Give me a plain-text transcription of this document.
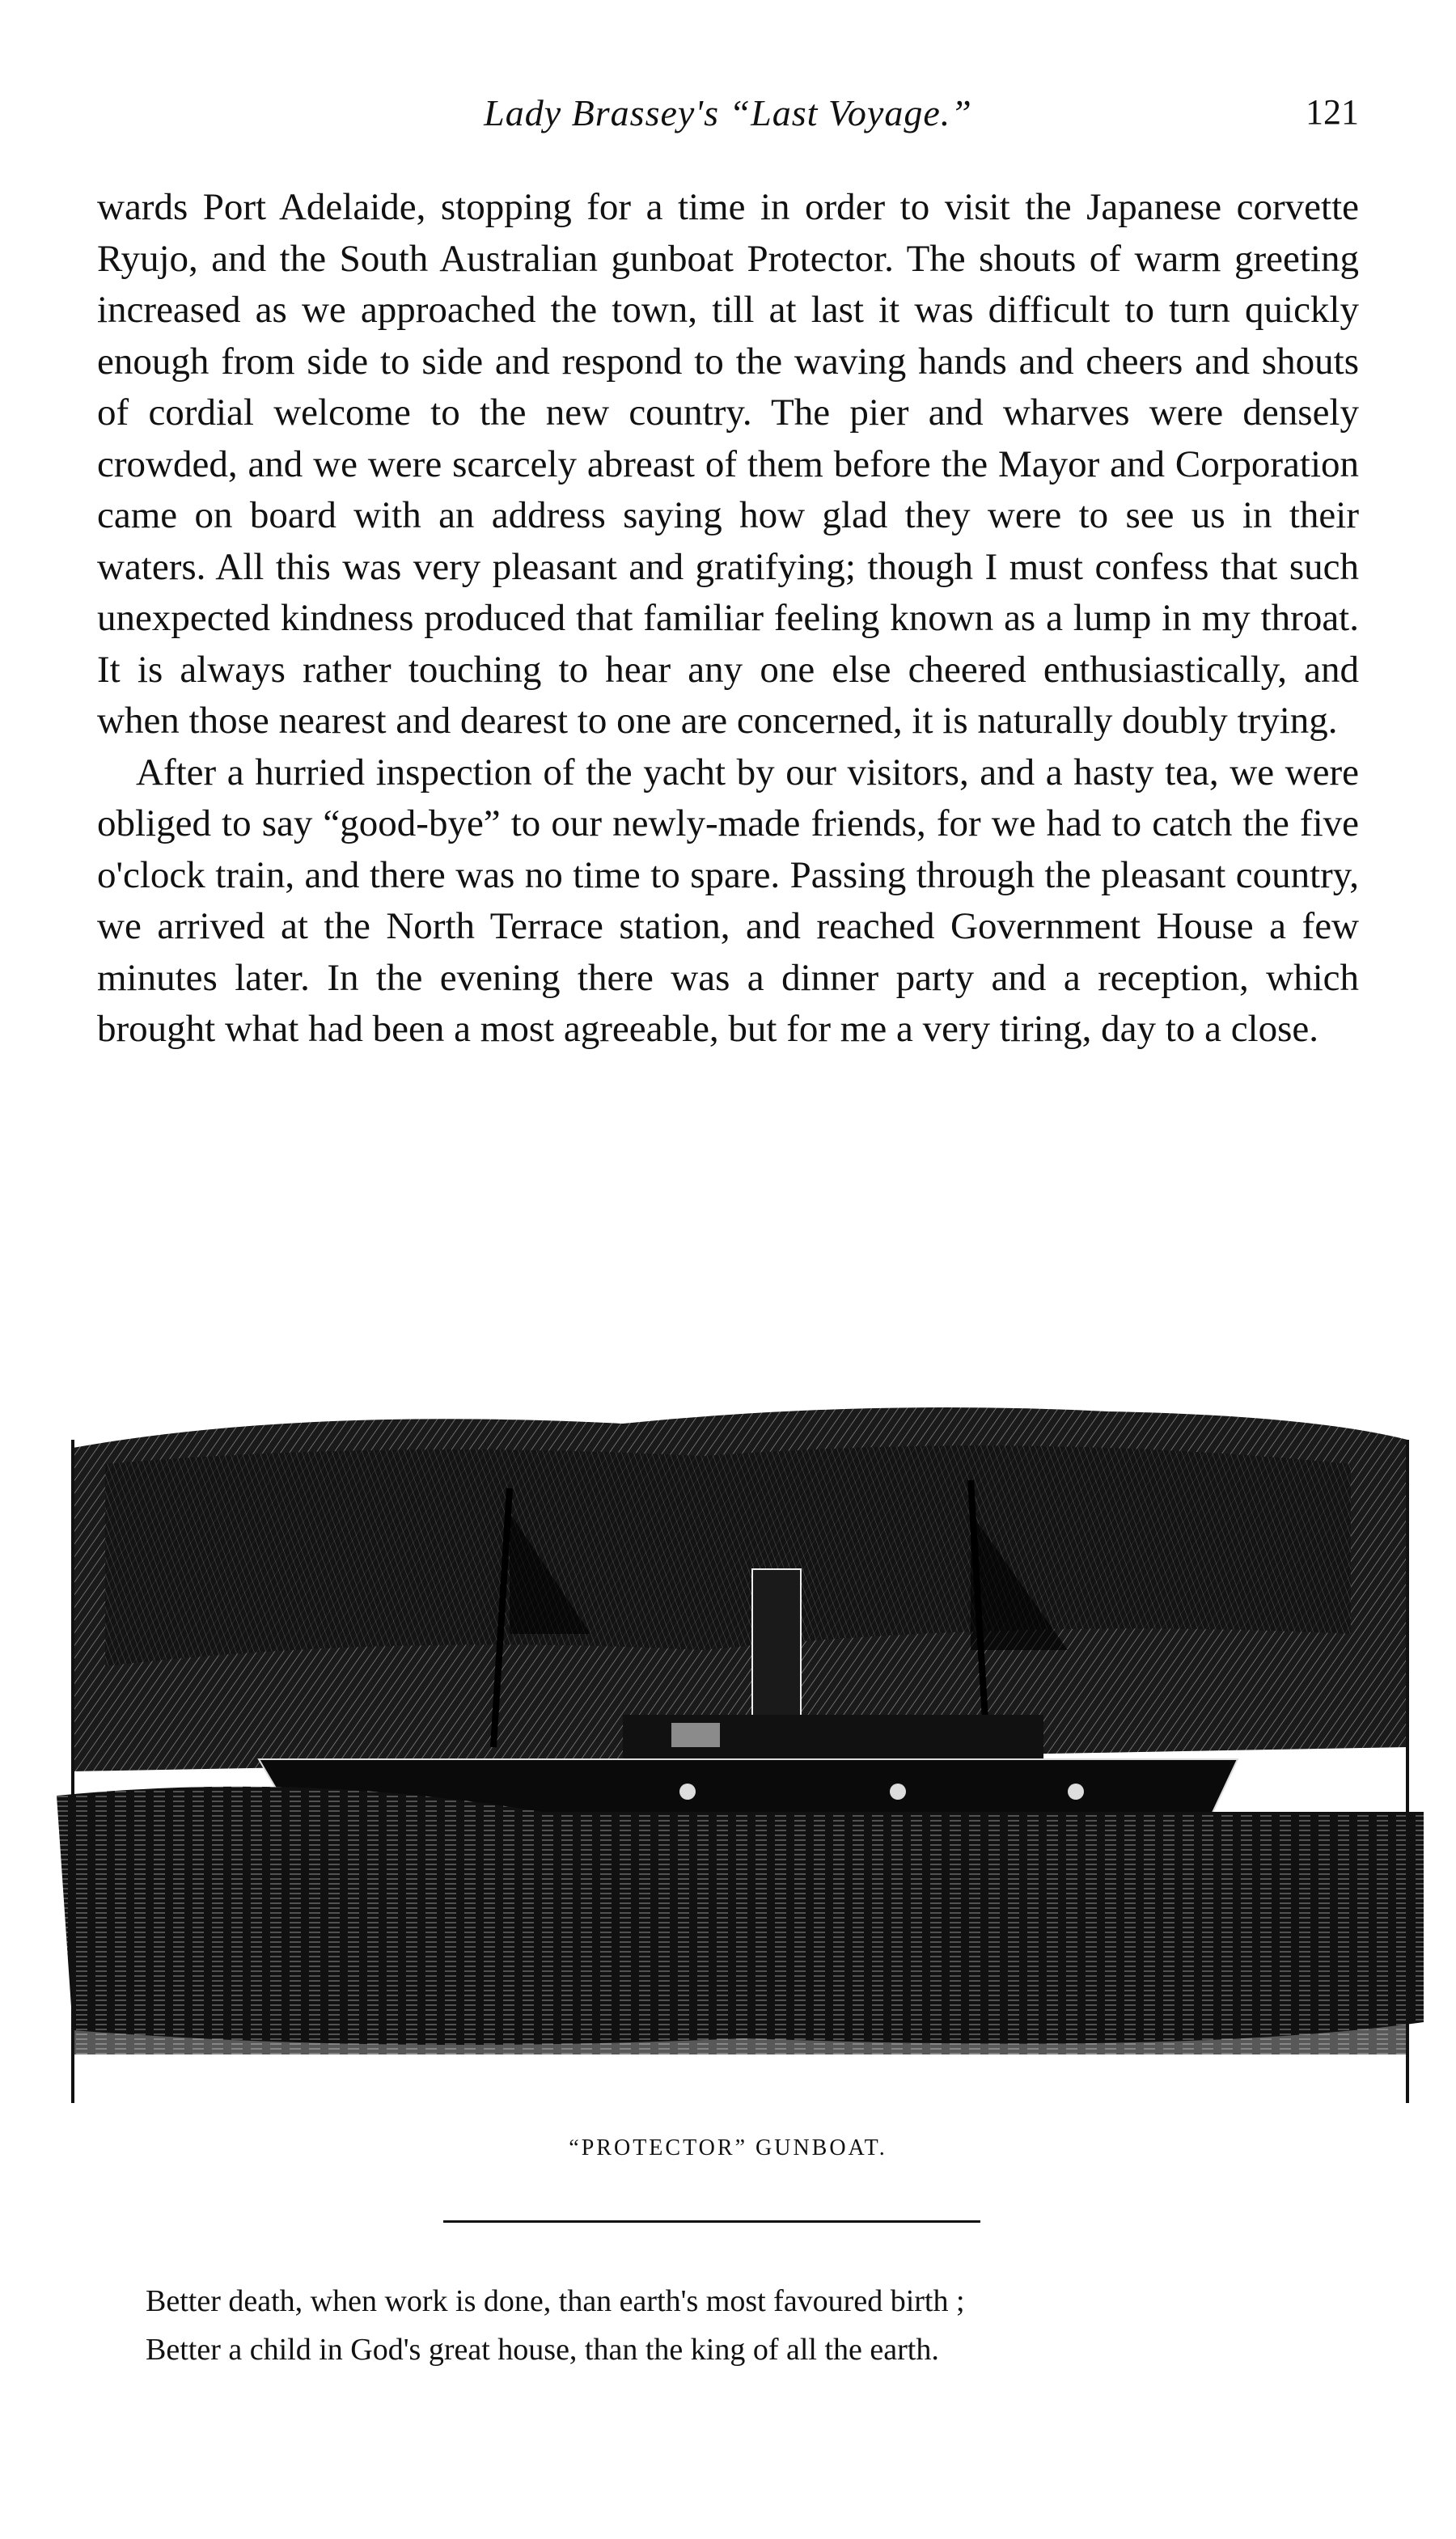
Lady Brassey's “Last Voyage.”	121

wards Port Adelaide, stopping for a time in order to visit the Japanese corvette Ryujo, and the South Australian gunboat Protector. The shouts of warm greeting increased as we approached the town, till at last it was difficult to turn quickly enough from side to side and respond to the waving hands and cheers and shouts of cordial welcome to the new country. The pier and wharves were densely crowded, and we were scarcely abreast of them before the Mayor and Corporation came on board with an address saying how glad they were to see us in their waters. All this was very pleasant and gratifying; though I must confess that such unexpected kindness produced that familiar feeling known as a lump in my throat. It is always rather touching to hear any one else cheered enthusiastically, and when those nearest and dearest to one are concerned, it is naturally doubly trying.

After a hurried inspection of the yacht by our visitors, and a hasty tea, we were obliged to say “good-bye” to our newly-made friends, for we had to catch the five o'clock train, and there was no time to spare. Passing through the pleasant country, we arrived at the North Terrace station, and reached Government House a few minutes later. In the evening there was a dinner party and a reception, which brought what had been a most agreeable, but for me a very tiring, day to a close.

“PROTECTOR” GUNBOAT.
Better death, when work is done, than earth's most favoured birth ;
Better a child in God's great house, than the king of all the earth.
